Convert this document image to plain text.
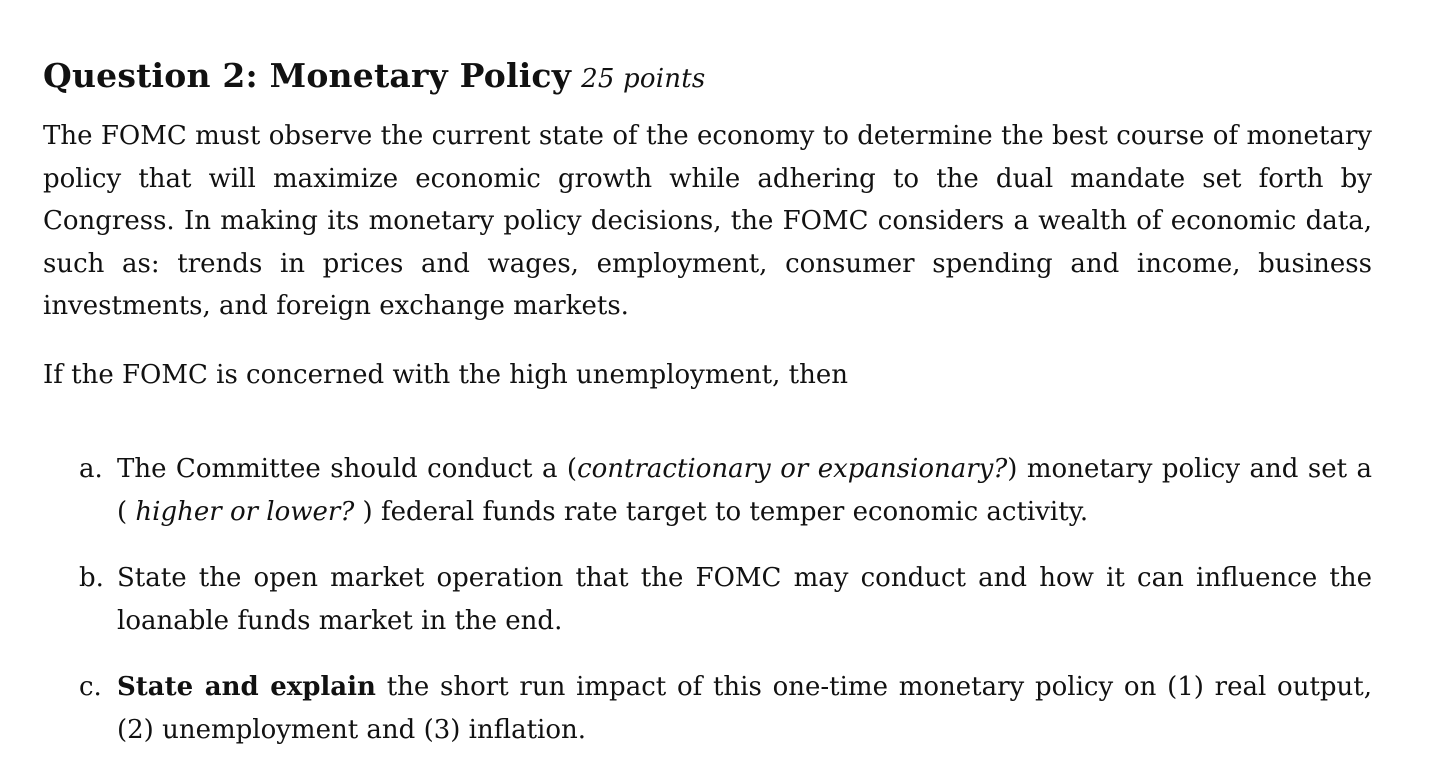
Question 2: Monetary Policy 25 points

The FOMC must observe the current state of the economy to determine the best course of monetary policy that will maximize economic growth while adhering to the dual mandate set forth by Congress. In making its monetary policy decisions, the FOMC considers a wealth of economic data, such as: trends in prices and wages, employment, consumer spending and income, business investments, and foreign exchange markets.

If the FOMC is concerned with the high unemployment, then

a. The Committee should conduct a (contractionary or expansionary?) monetary policy and set a ( higher or lower? ) federal funds rate target to temper economic activity.
b. State the open market operation that the FOMC may conduct and how it can influence the loanable funds market in the end.
c. State and explain the short run impact of this one-time monetary policy on (1) real output, (2) unemployment and (3) inflation.
